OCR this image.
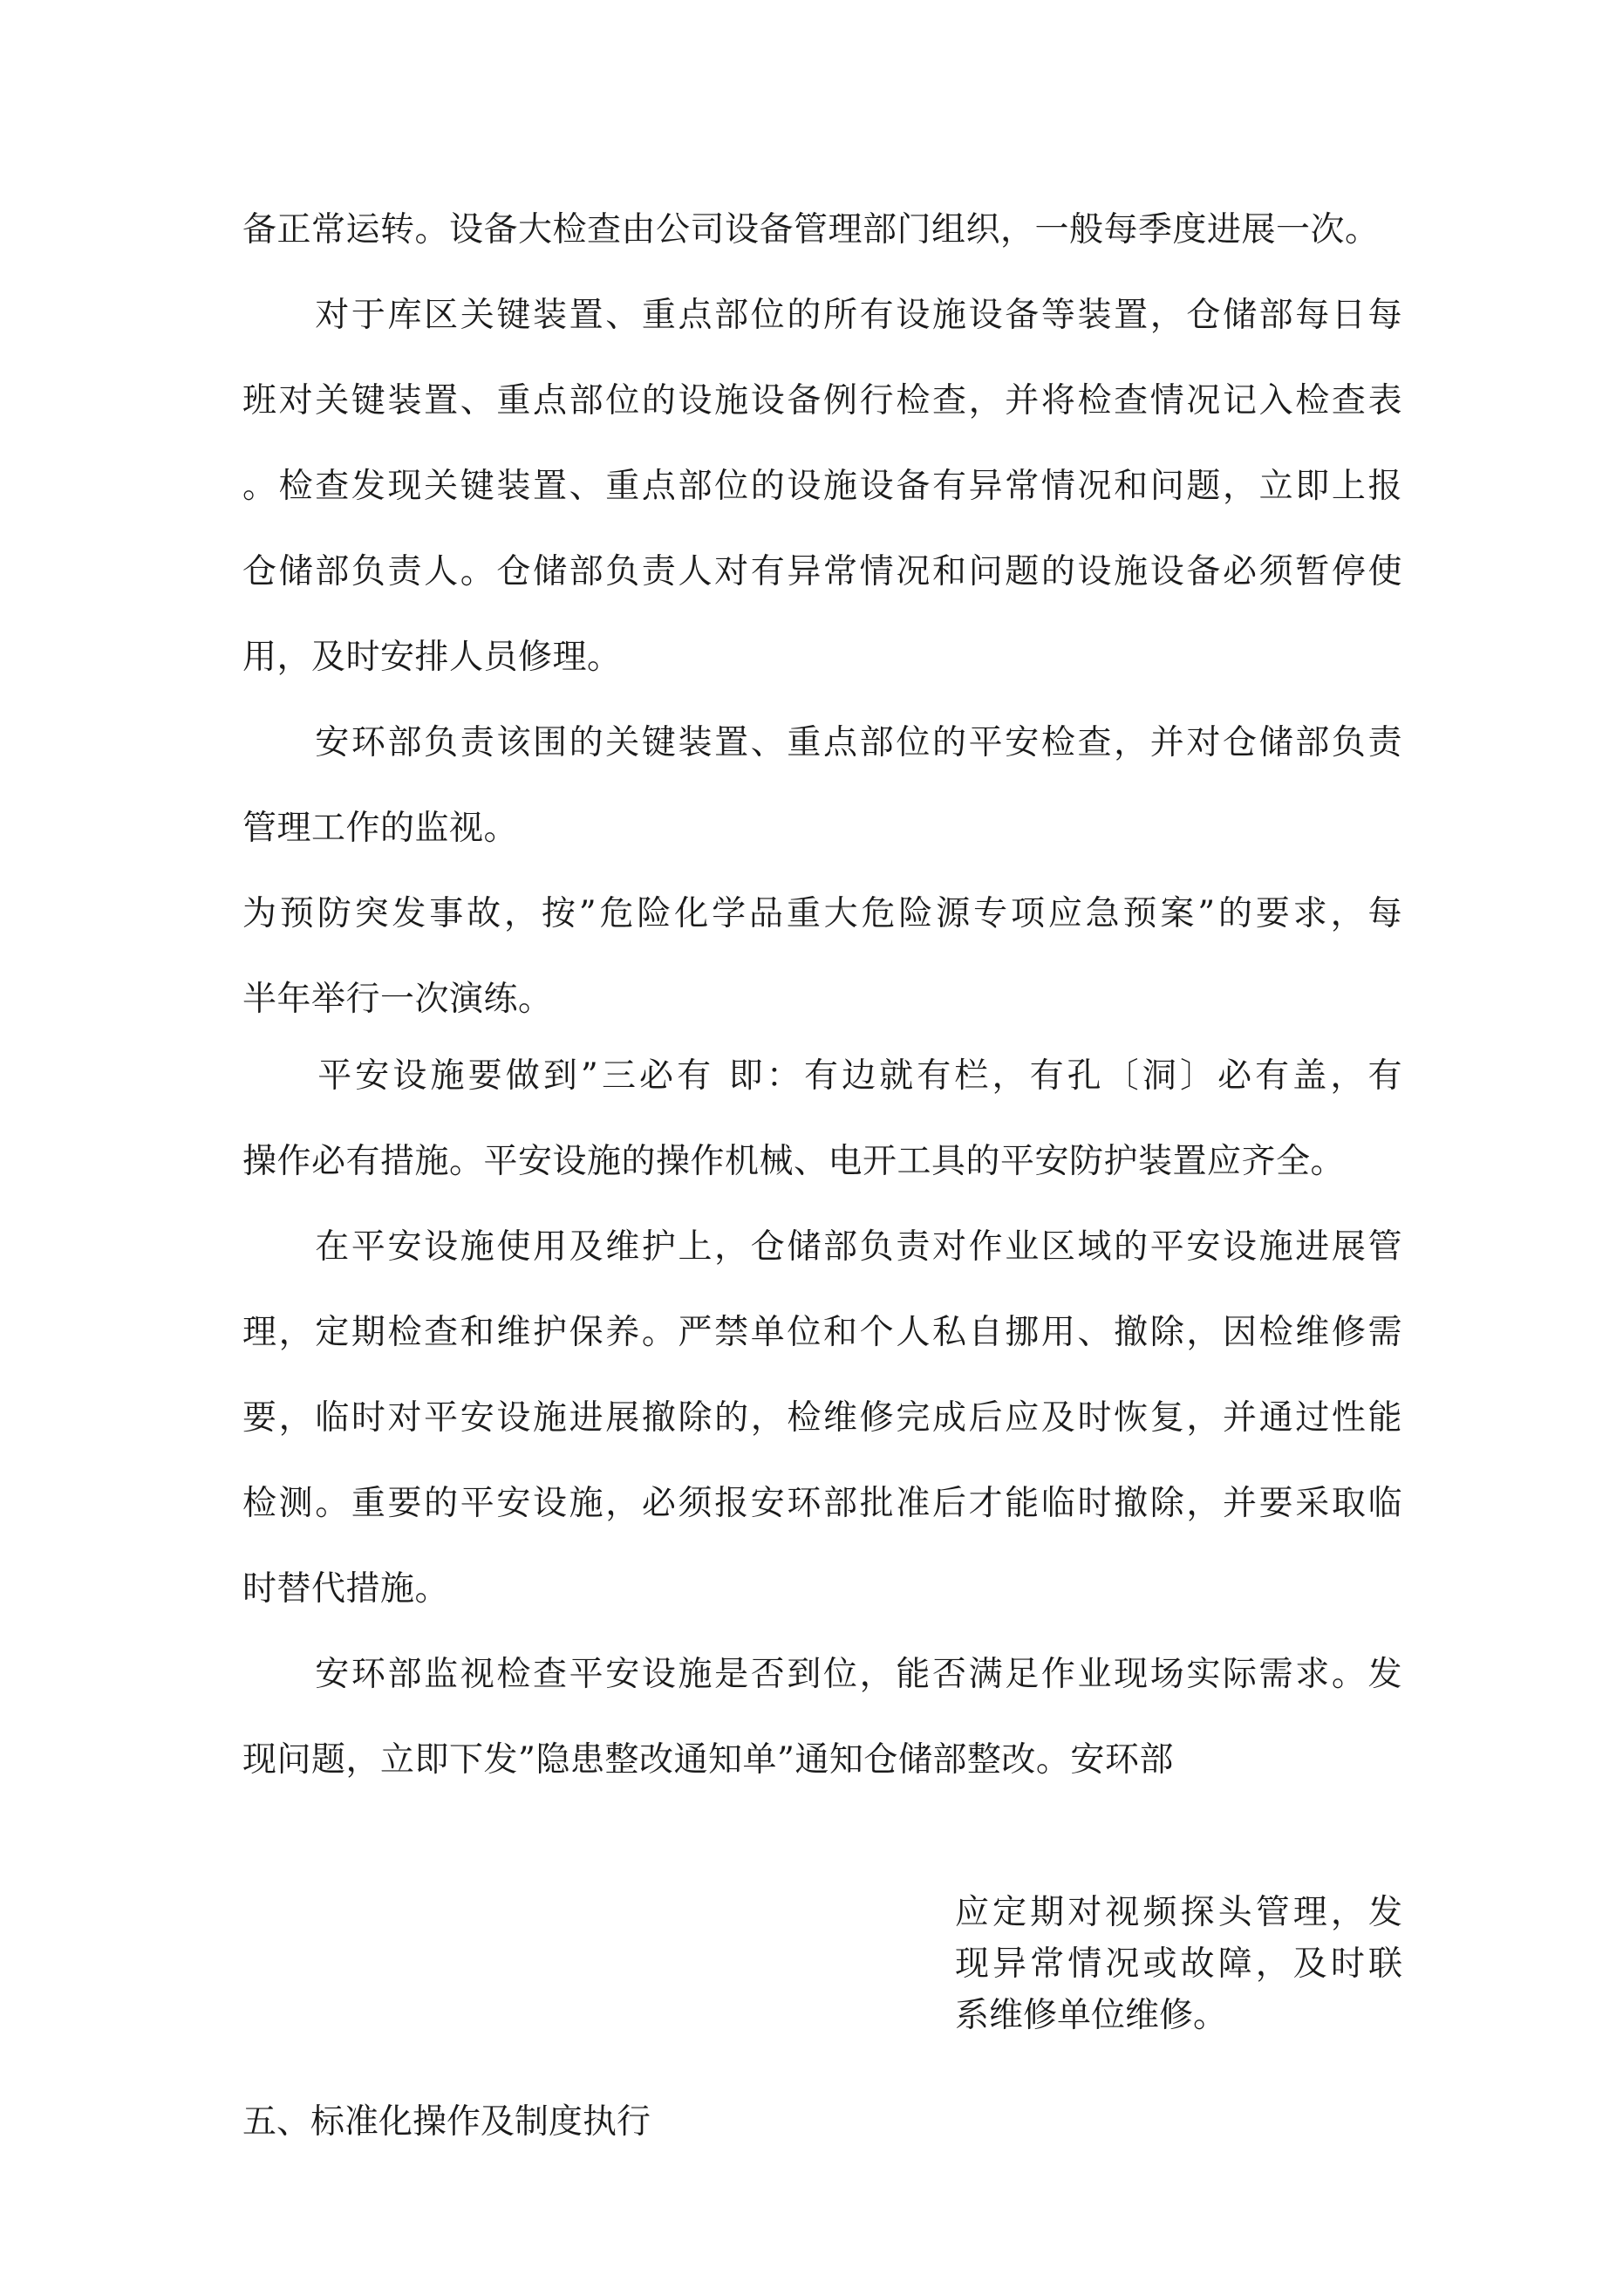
备正常运转。设备大检查由公司设备管理部门组织，一般每季度进展一次。
　　对于库区关键装置、重点部位的所有设施设备等装置，仓储部每日每
班对关键装置、重点部位的设施设备例行检查，并将检查情况记入检查表
。检查发现关键装置、重点部位的设施设备有异常情况和问题，立即上报
仓储部负责人。仓储部负责人对有异常情况和问题的设施设备必须暂停使
用，及时安排人员修理。
　　安环部负责该围的关键装置、重点部位的平安检查，并对仓储部负责
管理工作的监视。
为预防突发事故，按”危险化学品重大危险源专项应急预案”的要求，每
半年举行一次演练。
　　平安设施要做到”三必有 即：有边就有栏，有孔〔洞〕必有盖，有
操作必有措施。平安设施的操作机械、电开工具的平安防护装置应齐全。
　　在平安设施使用及维护上，仓储部负责对作业区域的平安设施进展管
理，定期检查和维护保养。严禁单位和个人私自挪用、撤除，因检维修需
要，临时对平安设施进展撤除的，检维修完成后应及时恢复，并通过性能
检测。重要的平安设施，必须报安环部批准后才能临时撤除，并要采取临
时替代措施。
　　安环部监视检查平安设施是否到位，能否满足作业现场实际需求。发
现问题，立即下发”隐患整改通知单”通知仓储部整改。安环部
应定期对视频探头管理，发
现异常情况或故障，及时联
系维修单位维修。
五、标准化操作及制度执行
